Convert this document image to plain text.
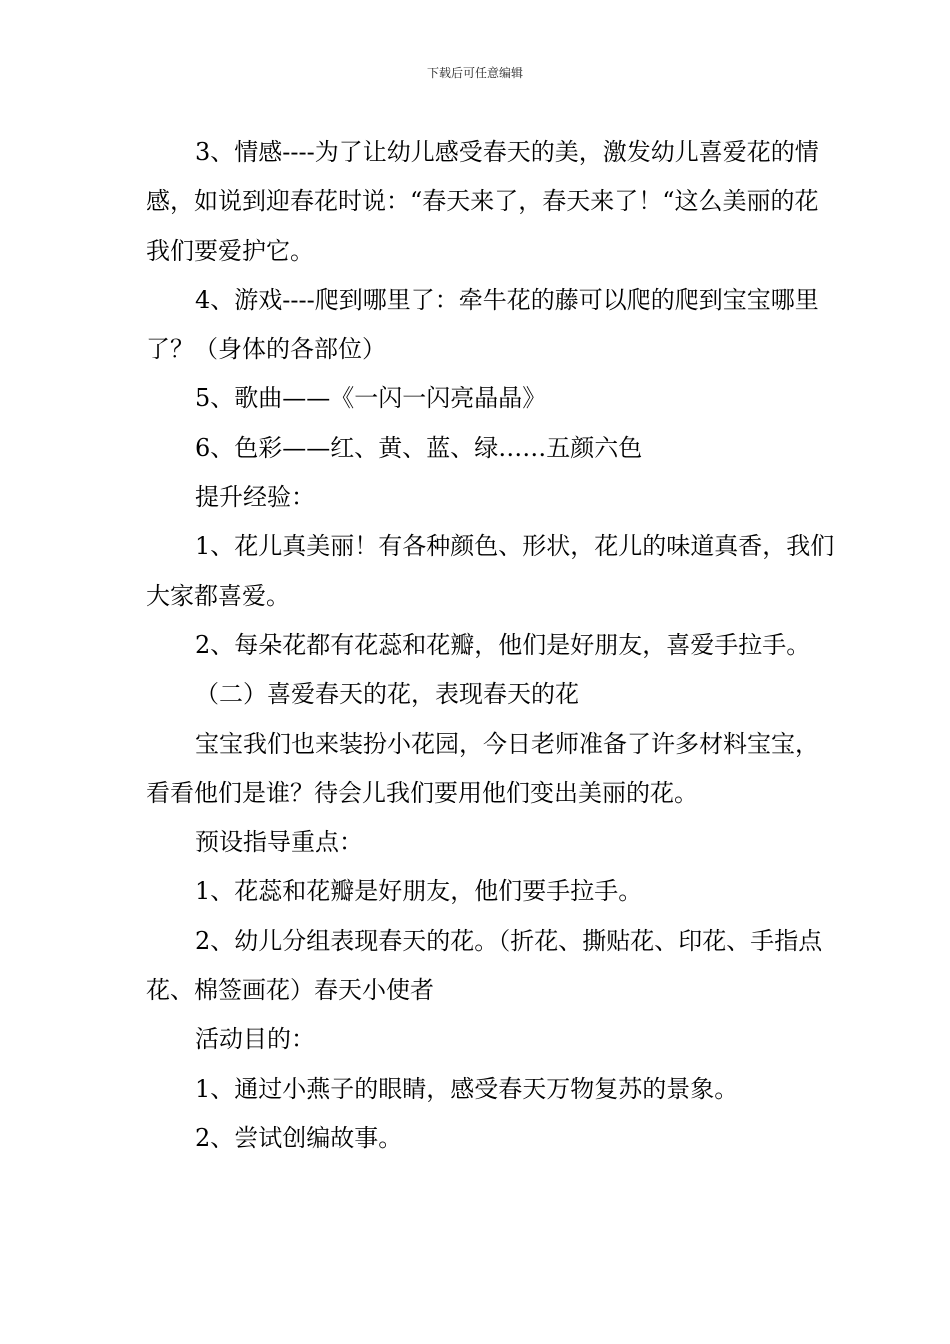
下载后可任意编辑

3、情感----为了让幼儿感受春天的美，激发幼儿喜爱花的情感，如说到迎春花时说：“春天来了，春天来了！“这么美丽的花我们要爱护它。

4、游戏----爬到哪里了：牵牛花的藤可以爬的爬到宝宝哪里了？（身体的各部位）

5、歌曲——《一闪一闪亮晶晶》

6、色彩——红、黄、蓝、绿……五颜六色

提升经验：

1、花儿真美丽！有各种颜色、形状，花儿的味道真香，我们大家都喜爱。

2、每朵花都有花蕊和花瓣，他们是好朋友，喜爱手拉手。

（二）喜爱春天的花，表现春天的花

宝宝我们也来装扮小花园，今日老师准备了许多材料宝宝，看看他们是谁？待会儿我们要用他们变出美丽的花。

预设指导重点：

1、花蕊和花瓣是好朋友，他们要手拉手。

2、幼儿分组表现春天的花。（折花、撕贴花、印花、手指点花、棉签画花）春天小使者

活动目的：

1、通过小燕子的眼睛，感受春天万物复苏的景象。

2、尝试创编故事。
